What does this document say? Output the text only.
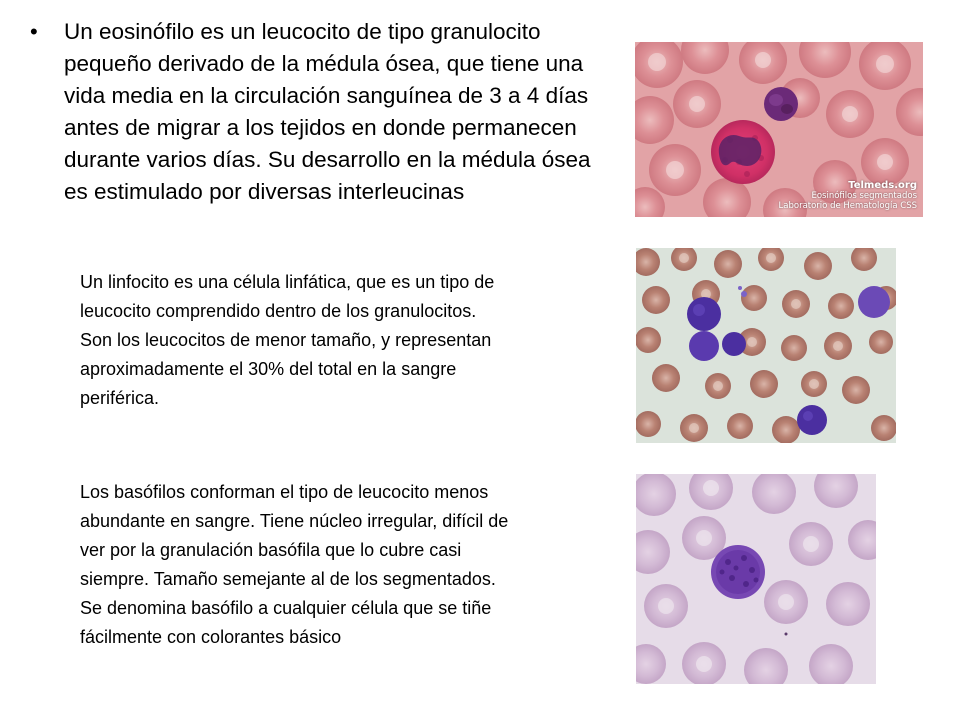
• Un eosinófilo es un leucocito de tipo granulocito pequeño derivado de la médula ósea, que tiene una vida media en la circulación sanguínea de 3 a 4 días antes de migrar a los tejidos en donde permanecen durante varios días. Su desarrollo en la médula ósea es estimulado por diversas interleucinas

Un linfocito es una célula linfática, que es un tipo de leucocito comprendido dentro de los granulocitos. Son los leucocitos de menor tamaño, y representan aproximadamente el 30% del total en la sangre periférica.

Los basófilos conforman el tipo de leucocito menos abundante en sangre. Tiene núcleo irregular, difícil de ver por la granulación basófila que lo cubre casi siempre. Tamaño semejante al de los segmentados. Se denomina basófilo a cualquier célula que se tiñe fácilmente con colorantes básico

Telmeds.org
Eosinófilos segmentados
Laboratorio de Hematología CSS
